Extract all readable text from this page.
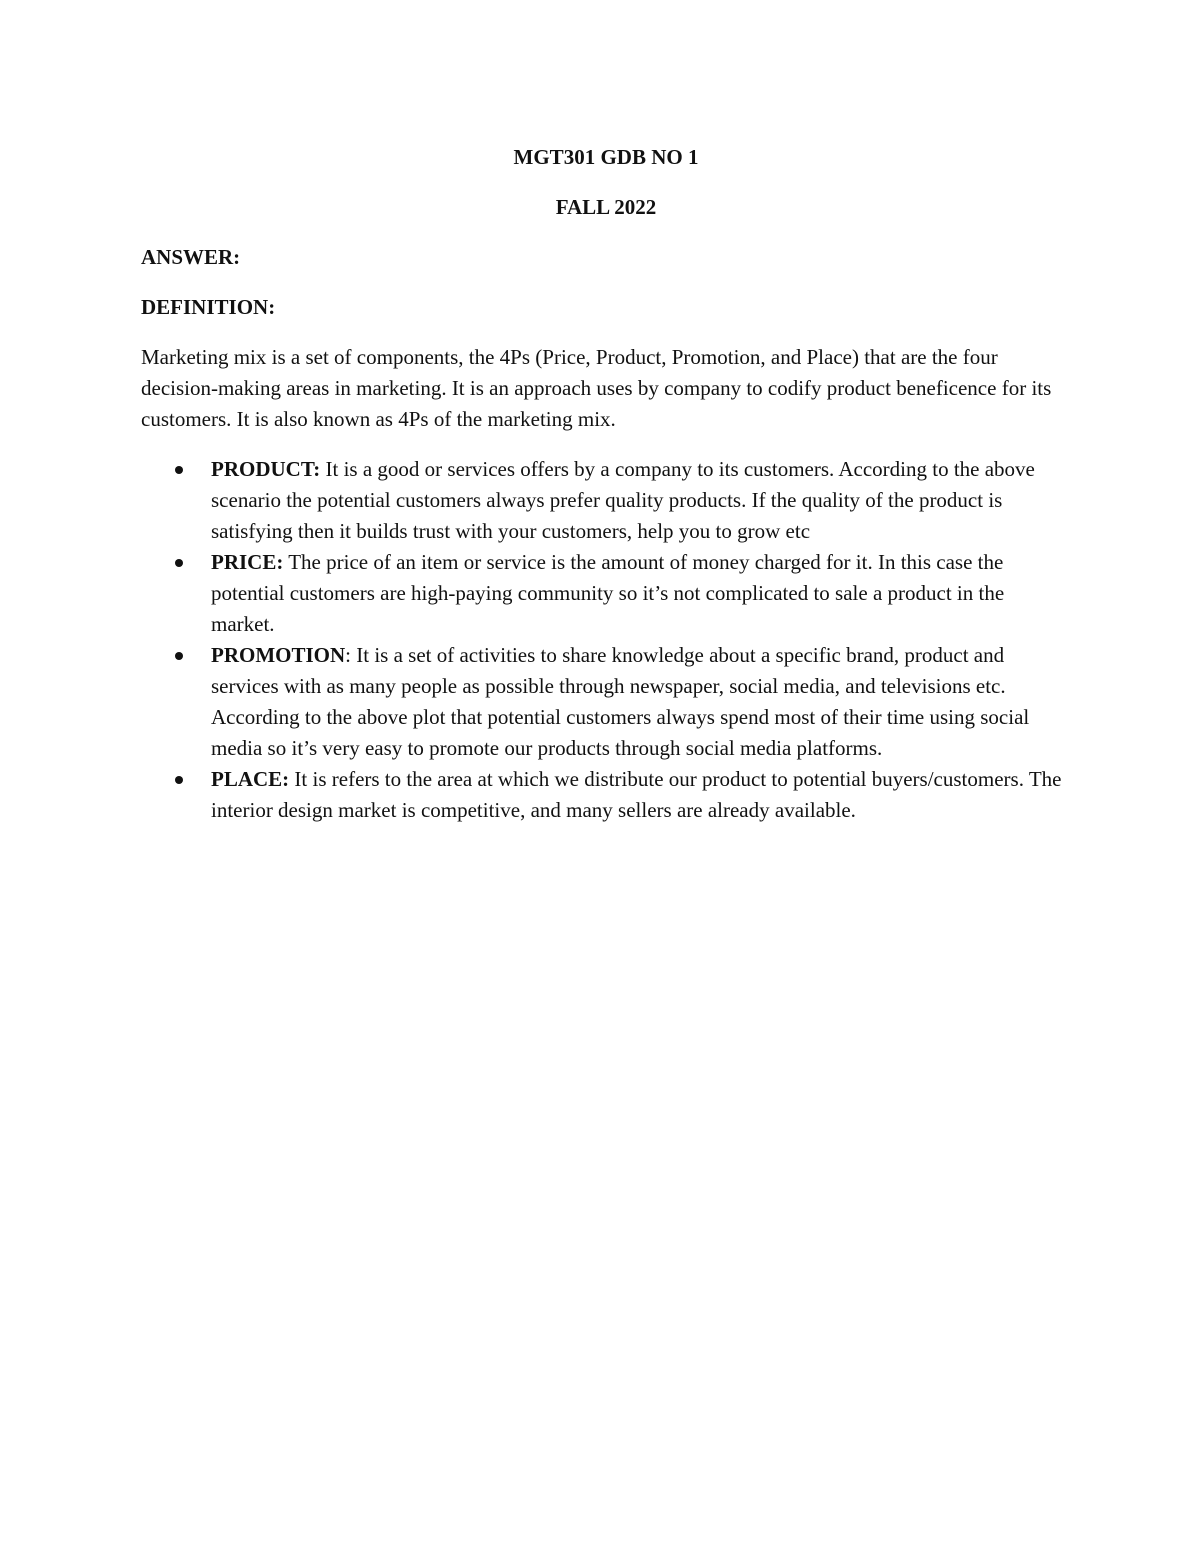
MGT301 GDB NO 1

FALL 2022

ANSWER:

DEFINITION:

Marketing mix is a set of components, the 4Ps (Price, Product, Promotion, and Place) that are the four decision-making areas in marketing. It is an approach uses by company to codify product beneficence for its customers. It is also known as 4Ps of the marketing mix.

PRODUCT: It is a good or services offers by a company to its customers. According to the above scenario the potential customers always prefer quality products. If the quality of the product is satisfying then it builds trust with your customers, help you to grow etc
PRICE: The price of an item or service is the amount of money charged for it. In this case the potential customers are high-paying community so it’s not complicated to sale a product in the market.
PROMOTION: It is a set of activities to share knowledge about a specific brand, product and services with as many people as possible through newspaper, social media, and televisions etc. According to the above plot that potential customers always spend most of their time using social media so it’s very easy to promote our products through social media platforms.
PLACE: It is refers to the area at which we distribute our product to potential buyers/customers. The interior design market is competitive, and many sellers are already available.
